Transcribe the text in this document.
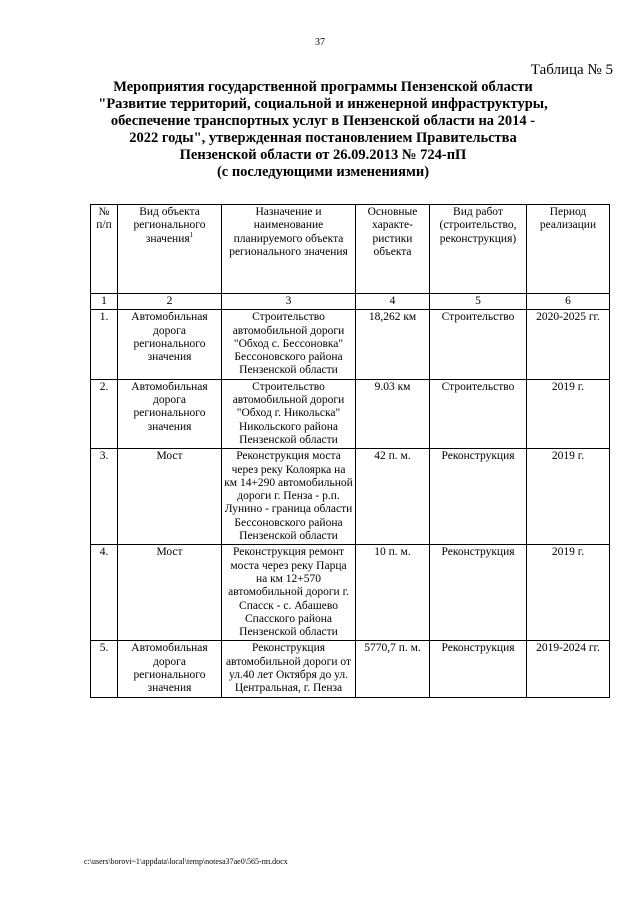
37
Таблица № 5
Мероприятия государственной программы Пензенской области
"Развитие территорий, социальной и инженерной инфраструктуры,
обеспечение транспортных услуг в Пензенской области на 2014 -
2022 годы", утвержденная постановлением Правительства
Пензенской области от 26.09.2013 № 724-пП
(с последующими изменениями)
№ п/п	Вид объекта регионального значения$^1$	Назначение и наименование планируемого объекта регионального значения	Основные характе-ристики объекта	Вид работ (строительство, реконструкция)	Период реализации
1	2	3	4	5	6
1.	Автомобильная дорога регионального значения	Строительство автомобильной дороги "Обход с. Бессоновка" Бессоновского района Пензенской области	18,262 км	Строительство	2020-2025 гг.
2.	Автомобильная дорога регионального значения	Строительство автомобильной дороги "Обход г. Никольска" Никольского района Пензенской области	9.03 км	Строительство	2019 г.
3.	Мост	Реконструкция моста через реку Колоярка на км 14+290 автомобильной дороги г. Пенза - р.п. Лунино - граница области Бессоновского района Пензенской области	42 п. м.	Реконструкция	2019 г.
4.	Мост	Реконструкция ремонт моста через реку Парца на км 12+570 автомобильной дороги г. Спасск - с. Абашево Спасского района Пензенской области	10 п. м.	Реконструкция	2019 г.
5.	Автомобильная дорога регионального значения	Реконструкция автомобильной дороги от ул.40 лет Октября до ул. Центральная, г. Пенза	5770,7 п. м.	Реконструкция	2019-2024 гг.
c:\users\borovi~1\appdata\local\temp\notesa37ae0\565-пп.docx
